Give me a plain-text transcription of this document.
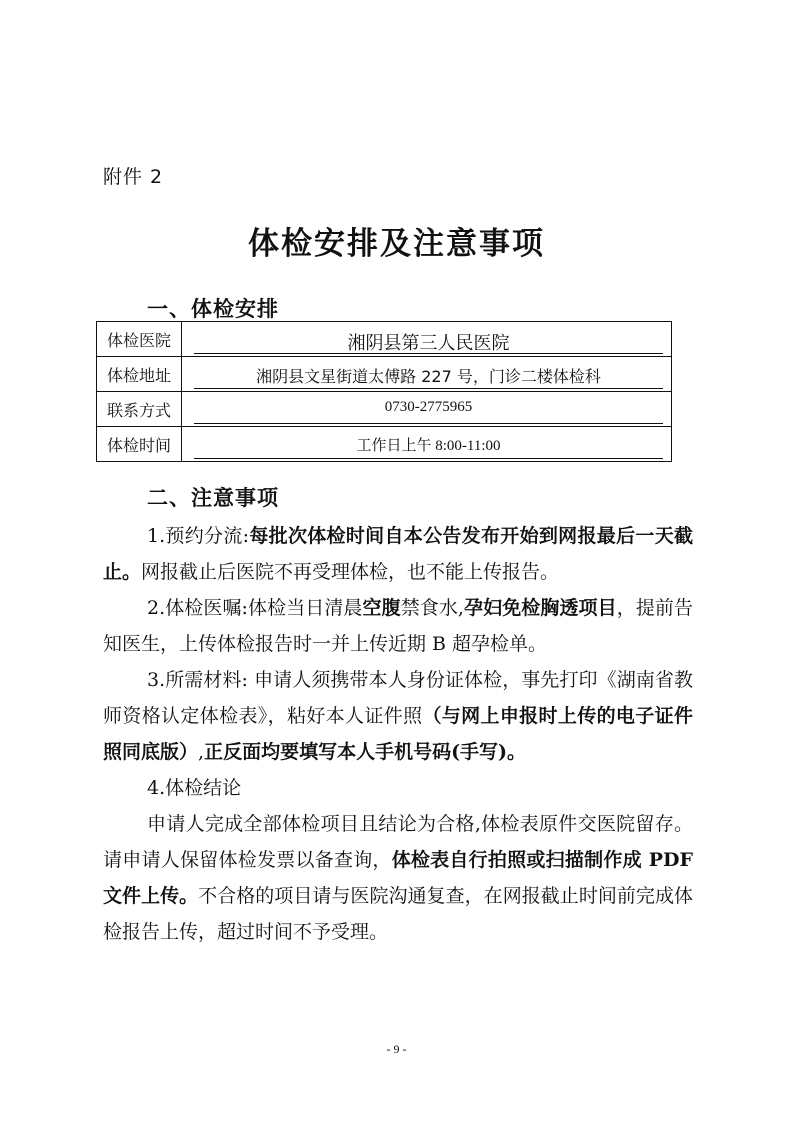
附件 2
体检安排及注意事项
一、体检安排
体检医院	湘阴县第三人民医院

体检地址	湘阴县文星街道太傅路 227 号，门诊二楼体检科

联系方式	0730-2775965

体检时间	工作日上午 8:00-11:00
二、注意事项

1.预约分流:每批次体检时间自本公告发布开始到网报最后一天截止。网报截止后医院不再受理体检，也不能上传报告。

2.体检医嘱:体检当日清晨空腹禁食水,孕妇免检胸透项目，提前告知医生，上传体检报告时一并上传近期 B 超孕检单。

3.所需材料: 申请人须携带本人身份证体检，事先打印《湖南省教师资格认定体检表》，粘好本人证件照（与网上申报时上传的电子证件照同底版）,正反面均要填写本人手机号码(手写)。

4.体检结论

申请人完成全部体检项目且结论为合格,体检表原件交医院留存。请申请人保留体检发票以备查询，体检表自行拍照或扫描制作成 PDF 文件上传。不合格的项目请与医院沟通复查，在网报截止时间前完成体检报告上传，超过时间不予受理。

- 9 -
